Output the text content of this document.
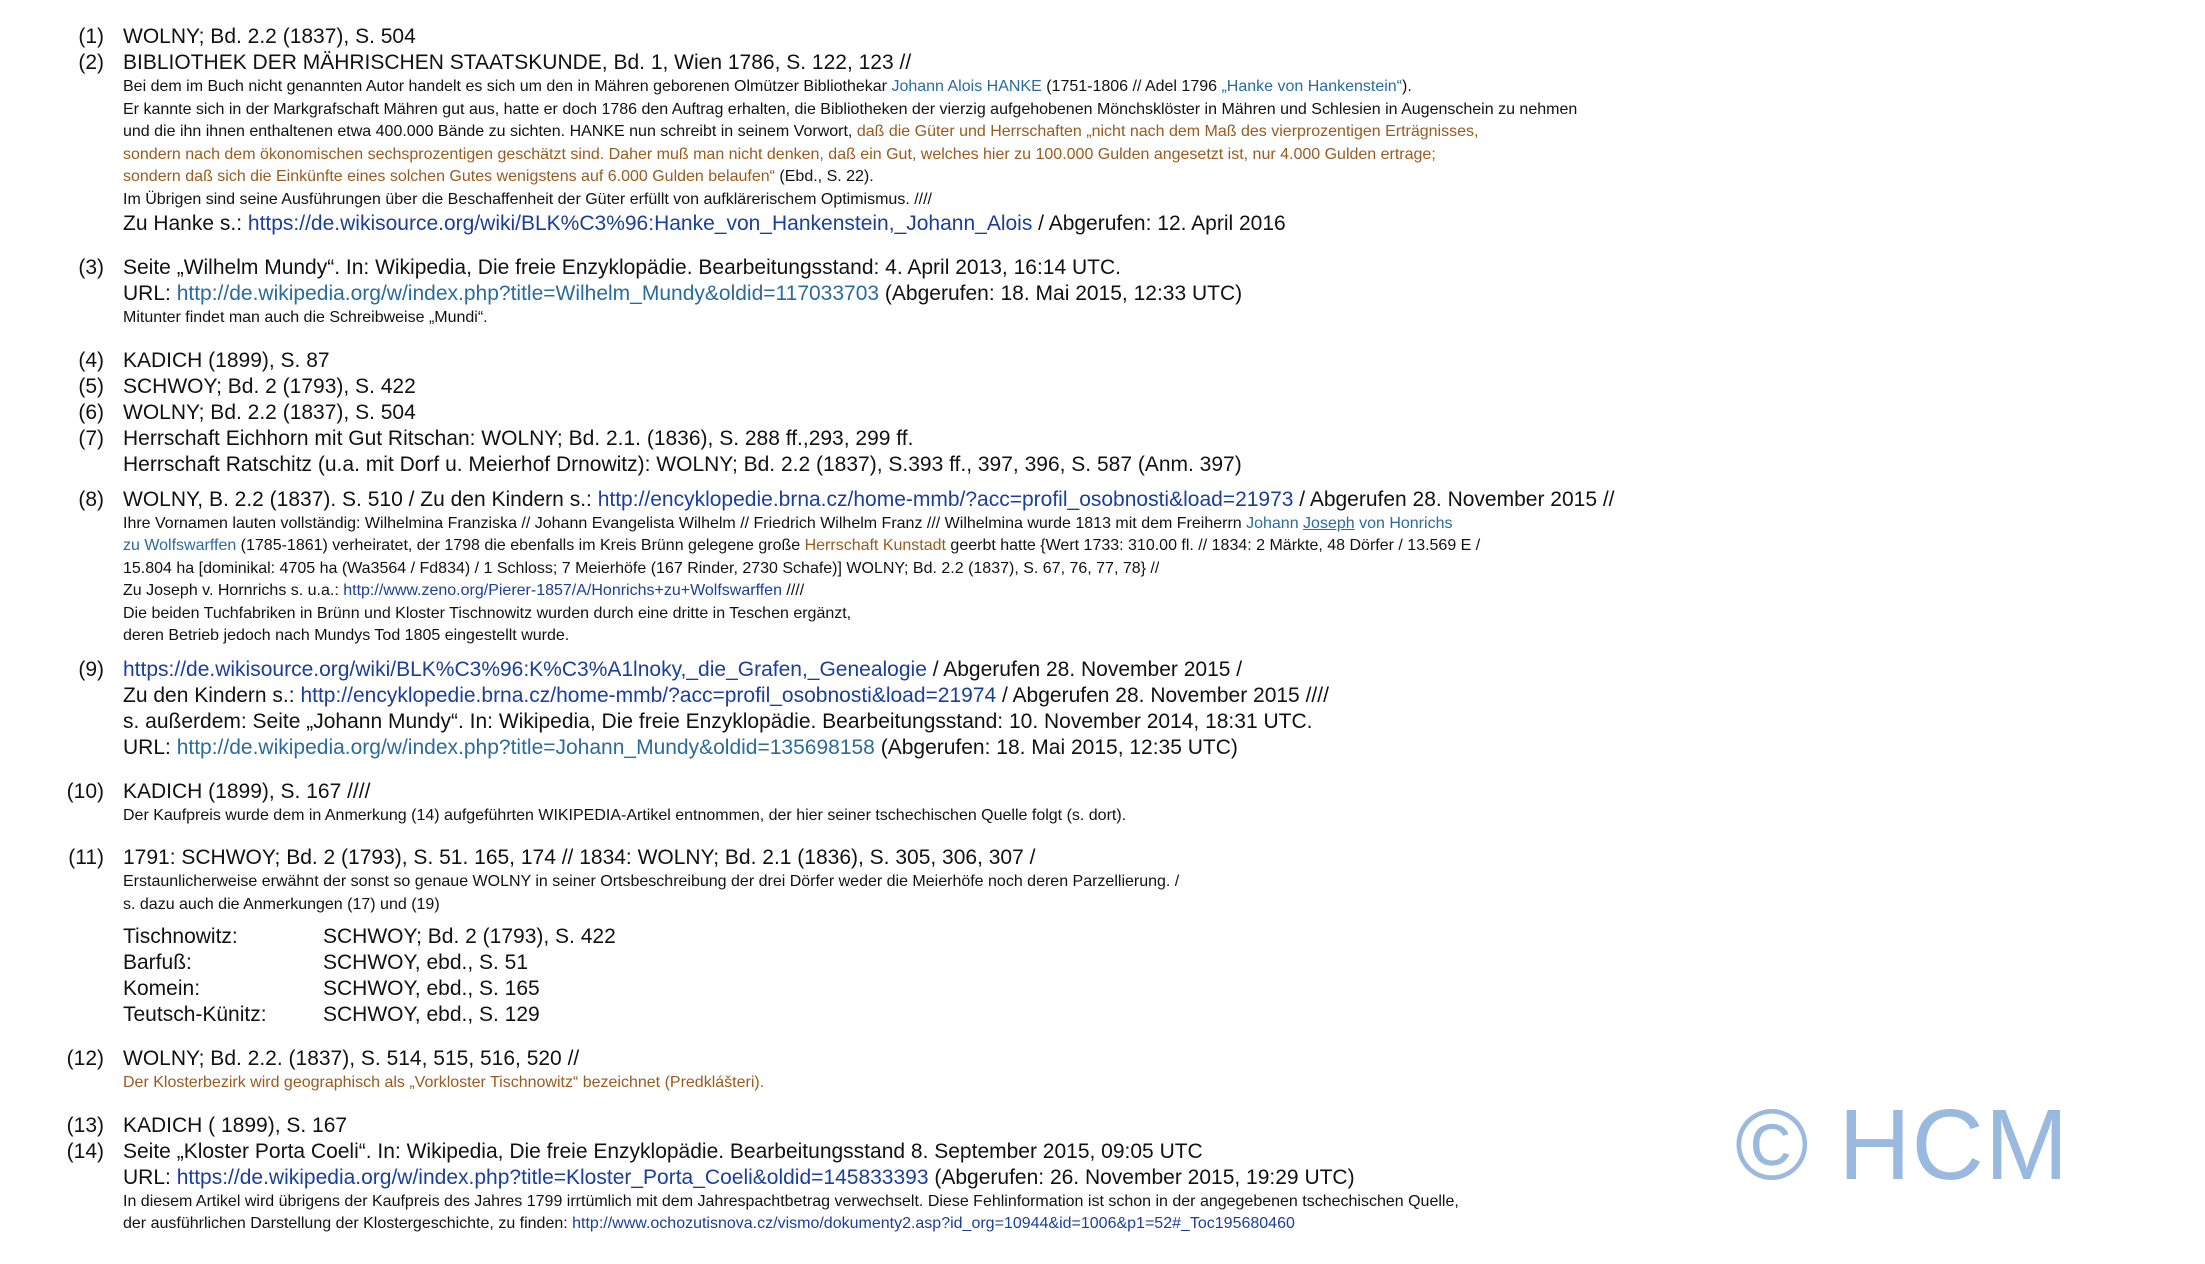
(1) WOLNY; Bd. 2.2 (1837), S. 504
(2) BIBLIOTHEK DER MÄHRISCHEN STAATSKUNDE, Bd. 1, Wien 1786, S. 122, 123 //
Bei dem im Buch nicht genannten Autor handelt es sich um den in Mähren geborenen Olmützer Bibliothekar Johann Alois HANKE (1751-1806 // Adel 1796 „Hanke von Hankenstein“).
Er kannte sich in der Markgrafschaft Mähren gut aus, hatte er doch 1786 den Auftrag erhalten, die Bibliotheken der vierzig aufgehobenen Mönchsklöster in Mähren und Schlesien in Augenschein zu nehmen
und die ihn ihnen enthaltenen etwa 400.000 Bände zu sichten. HANKE nun schreibt in seinem Vorwort, daß die Güter und Herrschaften „nicht nach dem Maß des vierprozentigen Erträgnisses,
sondern nach dem ökonomischen sechsprozentigen geschätzt sind. Daher muß man nicht denken, daß ein Gut, welches hier zu 100.000 Gulden angesetzt ist, nur 4.000 Gulden ertrage;
sondern daß sich die Einkünfte eines solchen Gutes wenigstens auf 6.000 Gulden belaufen“ (Ebd., S. 22).
Im Übrigen sind seine Ausführungen über die Beschaffenheit der Güter erfüllt von aufklärerischem Optimismus. ////
Zu Hanke s.: https://de.wikisource.org/wiki/BLK%C3%96:Hanke_von_Hankenstein,_Johann_Alois / Abgerufen: 12. April 2016
(3) Seite „Wilhelm Mundy“. In: Wikipedia, Die freie Enzyklopädie. Bearbeitungsstand: 4. April 2013, 16:14 UTC.
URL: http://de.wikipedia.org/w/index.php?title=Wilhelm_Mundy&oldid=117033703 (Abgerufen: 18. Mai 2015, 12:33 UTC)
Mitunter findet man auch die Schreibweise „Mundi“.
(4) KADICH (1899), S. 87
(5) SCHWOY; Bd. 2 (1793), S. 422
(6) WOLNY; Bd. 2.2 (1837), S. 504
(7) Herrschaft Eichhorn mit Gut Ritschan: WOLNY; Bd. 2.1. (1836), S. 288 ff.,293, 299 ff.
Herrschaft Ratschitz (u.a. mit Dorf u. Meierhof Drnowitz): WOLNY; Bd. 2.2 (1837), S.393 ff., 397, 396, S. 587 (Anm. 397)
(8) WOLNY, B. 2.2 (1837). S. 510 / Zu den Kindern s.: http://encyklopedie.brna.cz/home-mmb/?acc=profil_osobnosti&load=21973 / Abgerufen 28. November 2015 //
Ihre Vornamen lauten vollständig: Wilhelmina Franziska // Johann Evangelista Wilhelm // Friedrich Wilhelm Franz /// Wilhelmina wurde 1813 mit dem Freiherrn Johann Joseph von Honrichs
zu Wolfswarffen (1785-1861) verheiratet, der 1798 die ebenfalls im Kreis Brünn gelegene große Herrschaft Kunstadt geerbt hatte {Wert 1733: 310.00 fl. // 1834: 2 Märkte, 48 Dörfer / 13.569 E /
15.804 ha [dominikal: 4705 ha (Wa3564 / Fd834) / 1 Schloss; 7 Meierhöfe (167 Rinder, 2730 Schafe)] WOLNY; Bd. 2.2 (1837), S. 67, 76, 77, 78} //
Zu Joseph v. Hornrichs s. u.a.: http://www.zeno.org/Pierer-1857/A/Honrichs+zu+Wolfswarffen ////
Die beiden Tuchfabriken in Brünn und Kloster Tischnowitz wurden durch eine dritte in Teschen ergänzt,
deren Betrieb jedoch nach Mundys Tod 1805 eingestellt wurde.
(9) https://de.wikisource.org/wiki/BLK%C3%96:K%C3%A1lnoky,_die_Grafen,_Genealogie / Abgerufen 28. November 2015 /
Zu den Kindern s.: http://encyklopedie.brna.cz/home-mmb/?acc=profil_osobnosti&load=21974 / Abgerufen 28. November 2015 ////
s. außerdem: Seite „Johann Mundy“. In: Wikipedia, Die freie Enzyklopädie. Bearbeitungsstand: 10. November 2014, 18:31 UTC.
URL: http://de.wikipedia.org/w/index.php?title=Johann_Mundy&oldid=135698158 (Abgerufen: 18. Mai 2015, 12:35 UTC)
(10) KADICH (1899), S. 167 ////
Der Kaufpreis wurde dem in Anmerkung (14) aufgeführten WIKIPEDIA-Artikel entnommen, der hier seiner tschechischen Quelle folgt (s. dort).
(11) 1791: SCHWOY; Bd. 2 (1793), S. 51. 165, 174 // 1834: WOLNY; Bd. 2.1 (1836), S. 305, 306, 307 /
Erstaunlicherweise erwähnt der sonst so genaue WOLNY in seiner Ortsbeschreibung der drei Dörfer weder die Meierhöfe noch deren Parzellierung. /
s. dazu auch die Anmerkungen (17) und (19)
Tischnowitz:	SCHWOY; Bd. 2 (1793), S. 422
Barfuß:	SCHWOY, ebd., S. 51
Komein:	SCHWOY, ebd., S. 165
Teutsch-Künitz:	SCHWOY, ebd., S. 129
(12) WOLNY; Bd. 2.2. (1837), S. 514, 515, 516, 520 //
Der Klosterbezirk wird geographisch als „Vorkloster Tischnowitz“ bezeichnet (Predklášteri).
(13) KADICH ( 1899), S. 167
(14) Seite „Kloster Porta Coeli“. In: Wikipedia, Die freie Enzyklopädie. Bearbeitungsstand 8. September 2015, 09:05 UTC
URL: https://de.wikipedia.org/w/index.php?title=Kloster_Porta_Coeli&oldid=145833393 (Abgerufen: 26. November 2015, 19:29 UTC)
In diesem Artikel wird übrigens der Kaufpreis des Jahres 1799 irrtümlich mit dem Jahrespachtbetrag verwechselt. Diese Fehlinformation ist schon in der angegebenen tschechischen Quelle,
der ausführlichen Darstellung der Klostergeschichte, zu finden: http://www.ochozutisnova.cz/vismo/dokumenty2.asp?id_org=10944&id=1006&p1=52#_Toc195680460
© HCM
